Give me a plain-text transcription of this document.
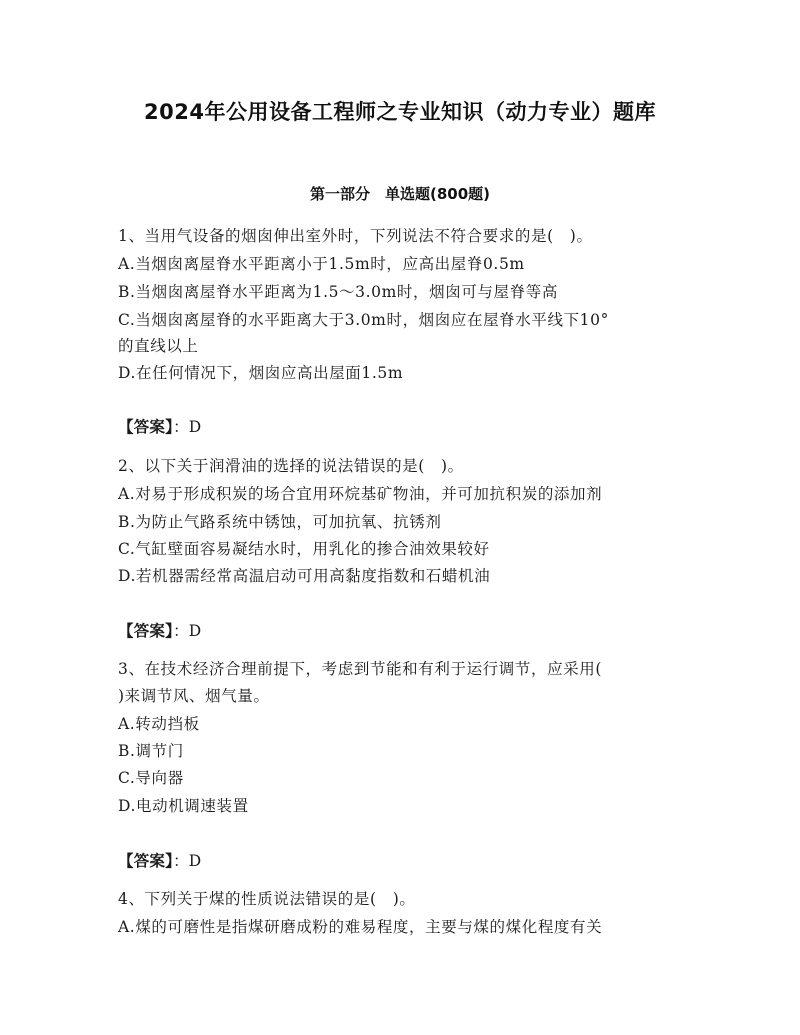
2024年公用设备工程师之专业知识（动力专业）题库
第一部分　单选题(800题)
1、当用气设备的烟囱伸出室外时，下列说法不符合要求的是(　)。
A.当烟囱离屋脊水平距离小于1.5m时，应高出屋脊0.5m
B.当烟囱离屋脊水平距离为1.5～3.0m时，烟囱可与屋脊等高
C.当烟囱离屋脊的水平距离大于3.0m时，烟囱应在屋脊水平线下10°
的直线以上
D.在任何情况下，烟囱应高出屋面1.5m
【答案】：D
2、以下关于润滑油的选择的说法错误的是(　)。
A.对易于形成积炭的场合宜用环烷基矿物油，并可加抗积炭的添加剂
B.为防止气路系统中锈蚀，可加抗氧、抗锈剂
C.气缸壁面容易凝结水时，用乳化的掺合油效果较好
D.若机器需经常高温启动可用高黏度指数和石蜡机油
【答案】：D
3、在技术经济合理前提下，考虑到节能和有利于运行调节，应采用(
)来调节风、烟气量。
A.转动挡板
B.调节门
C.导向器
D.电动机调速装置
【答案】：D
4、下列关于煤的性质说法错误的是(　)。
A.煤的可磨性是指煤研磨成粉的难易程度，主要与煤的煤化程度有关
